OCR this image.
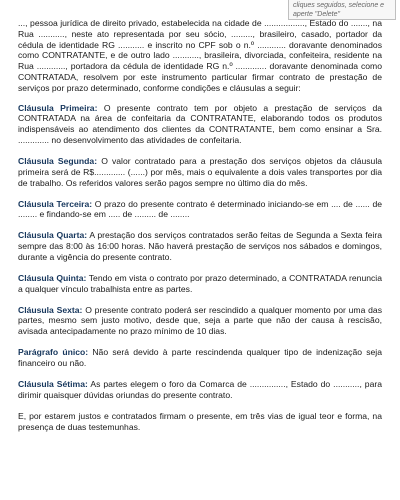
cliques seguidos, selecione e aperte "Delete"

..., pessoa jurídica de direito privado, estabelecida na cidade de ................., Estado do ......., na Rua ..........., neste ato representada por seu sócio, ........., brasileiro, casado, portador da cédula de identidade RG ........... e inscrito no CPF sob o n.º ............ doravante denominados como CONTRATANTE, e de outro lado ..........., brasileira, divorciada, confeiteira, residente na Rua ............, portadora da cédula de identidade RG n.º ............. doravante denominada como CONTRATADA, resolvem por este instrumento particular firmar contrato de prestação de serviços por prazo determinado, conforme condições e cláusulas a seguir:

Cláusula Primeira: O presente contrato tem por objeto a prestação de serviços da CONTRATADA na área de confeitaria da CONTRATANTE, elaborando todos os produtos indispensáveis ao atendimento dos clientes da CONTRATANTE, bem como ensinar a Sra. ............. no desenvolvimento das atividades de confeitaria.

Cláusula Segunda: O valor contratado para a prestação dos serviços objetos da cláusula primeira será de R$............. (......) por mês, mais o equivalente a dois vales transportes por dia de trabalho. Os referidos valores serão pagos sempre no último dia do mês.

Cláusula Terceira: O prazo do presente contrato é determinado iniciando-se em .... de ...... de ........ e findando-se em ..... de ......... de ........

Cláusula Quarta: A prestação dos serviços contratados serão feitas de Segunda a Sexta feira sempre das 8:00 às 16:00 horas. Não haverá prestação de serviços nos sábados e domingos, durante a vigência do presente contrato.

Cláusula Quinta: Tendo em vista o contrato por prazo determinado, a CONTRATADA renuncia a qualquer vínculo trabalhista entre as partes.

Cláusula Sexta: O presente contrato poderá ser rescindido a qualquer momento por uma das partes, mesmo sem justo motivo, desde que, seja a parte que não der causa à rescisão, avisada antecipadamente no prazo mínimo de 10 dias.

Parágrafo único: Não será devido à parte rescindenda qualquer tipo de indenização seja financeiro ou não.

Cláusula Sétima: As partes elegem o foro da Comarca de ..............., Estado do ..........., para dirimir quaisquer dúvidas oriundas do presente contrato.

E, por estarem justos e contratados firmam o presente, em três vias de igual teor e forma, na presença de duas testemunhas.
